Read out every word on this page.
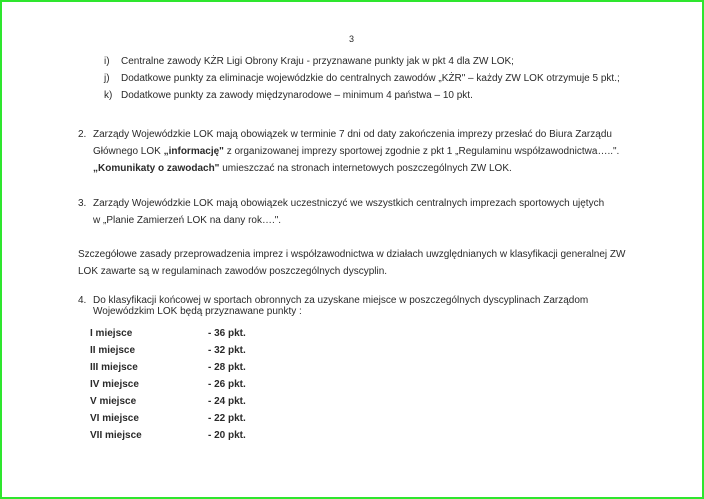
3
i) Centralne zawody KŻR Ligi Obrony Kraju - przyznawane punkty jak w pkt 4 dla ZW LOK;
j) Dodatkowe punkty za eliminacje wojewódzkie do centralnych zawodów „KŻR" – każdy ZW LOK otrzymuje 5 pkt.;
k) Dodatkowe punkty za zawody międzynarodowe – minimum 4 państwa – 10 pkt.
2. Zarządy Wojewódzkie LOK mają obowiązek w terminie 7 dni od daty zakończenia imprezy przesłać do Biura Zarządu
Głównego LOK „informację" z organizowanej imprezy sportowej zgodnie z pkt 1 „Regulaminu współzawodnictwa…..".
„Komunikaty o zawodach" umieszczać na stronach internetowych poszczególnych ZW LOK.
3. Zarządy Wojewódzkie LOK mają obowiązek uczestniczyć we wszystkich centralnych imprezach sportowych ujętych
w „Planie Zamierzeń LOK na dany rok….".
Szczegółowe zasady przeprowadzenia imprez i współzawodnictwa w działach uwzględnianych w klasyfikacji generalnej ZW
LOK zawarte są w regulaminach zawodów poszczególnych dyscyplin.
4. Do klasyfikacji końcowej w sportach obronnych za uzyskane miejsce w poszczególnych dyscyplinach Zarządom
Wojewódzkim LOK będą przyznawane punkty :
I miejsce	- 36 pkt.
II miejsce	- 32 pkt.
III miejsce	- 28 pkt.
IV miejsce	- 26 pkt.
V miejsce	- 24 pkt.
VI miejsce	- 22 pkt.
VII miejsce	- 20 pkt.
